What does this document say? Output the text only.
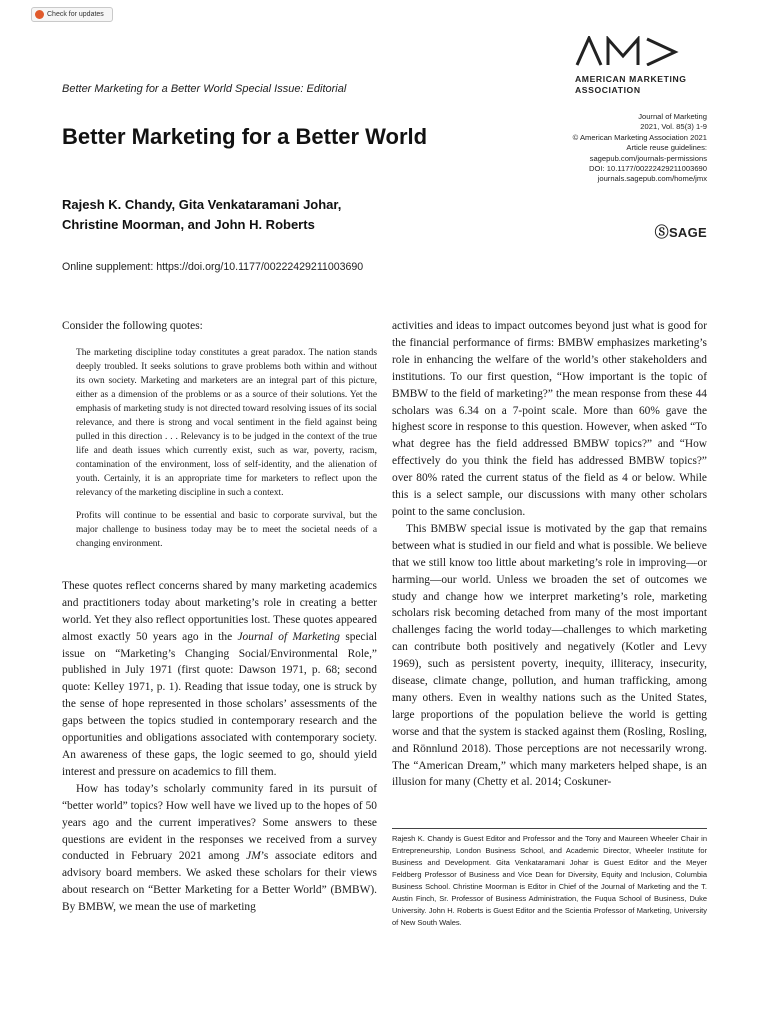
Check for updates
AMERICAN MARKETING
ASSOCIATION
Better Marketing for a Better World Special Issue: Editorial
Better Marketing for a Better World
Journal of Marketing
2021, Vol. 85(3) 1-9
© American Marketing Association 2021
Article reuse guidelines:
sagepub.com/journals-permissions
DOI: 10.1177/00222429211003690
journals.sagepub.com/home/jmx
ⓈSAGE
Rajesh K. Chandy, Gita Venkataramani Johar,
Christine Moorman, and John H. Roberts
Online supplement: https://doi.org/10.1177/00222429211003690

Consider the following quotes:

The marketing discipline today constitutes a great paradox. The nation stands deeply troubled. It seeks solutions to grave problems both within and without its own society. Marketing and marketers are an integral part of this picture, either as a dimension of the problems or as a source of their solutions. Yet the emphasis of marketing study is not directed toward resolving issues of its social relevance, and there is strong and vocal sentiment in the field against being pulled in this direction . . . Relevancy is to be judged in the context of the true life and death issues which currently exist, such as war, poverty, racism, contamination of the environment, loss of self-identity, and the alienation of youth. Certainly, it is an appropriate time for marketers to reflect upon the relevancy of the marketing discipline in such a context.

Profits will continue to be essential and basic to corporate survival, but the major challenge to business today may be to meet the societal needs of a changing environment.

These quotes reflect concerns shared by many marketing academics and practitioners today about marketing’s role in creating a better world. Yet they also reflect opportunities lost. These quotes appeared almost exactly 50 years ago in the Journal of Marketing special issue on “Marketing’s Changing Social/Environmental Role,” published in July 1971 (first quote: Dawson 1971, p. 68; second quote: Kelley 1971, p. 1). Reading that issue today, one is struck by the sense of hope represented in those scholars’ assessments of the gaps between the topics studied in contemporary research and the opportunities and obligations associated with contemporary society. An awareness of these gaps, the logic seemed to go, should yield interest and pressure on academics to fill them.

How has today’s scholarly community fared in its pursuit of “better world” topics? How well have we lived up to the hopes of 50 years ago and the current imperatives? Some answers to these questions are evident in the responses we received from a survey conducted in February 2021 among JM’s associate editors and advisory board members. We asked these scholars for their views about research on “Better Marketing for a Better World” (BMBW). By BMBW, we mean the use of marketing

activities and ideas to impact outcomes beyond just what is good for the financial performance of firms: BMBW emphasizes marketing’s role in enhancing the welfare of the world’s other stakeholders and institutions. To our first question, “How important is the topic of BMBW to the field of marketing?” the mean response from these 44 scholars was 6.34 on a 7-point scale. More than 60% gave the highest score in response to this question. However, when asked “To what degree has the field addressed BMBW topics?” and “How effectively do you think the field has addressed BMBW topics?” over 80% rated the current status of the field as 4 or below. While this is a select sample, our discussions with many other scholars point to the same conclusion.

This BMBW special issue is motivated by the gap that remains between what is studied in our field and what is possible. We believe that we still know too little about marketing’s role in improving—or harming—our world. Unless we broaden the set of outcomes we study and change how we interpret marketing’s role, marketing scholars risk becoming detached from many of the most important challenges facing the world today—challenges to which marketing can contribute both positively and negatively (Kotler and Levy 1969), such as persistent poverty, inequity, illiteracy, insecurity, disease, climate change, pollution, and human trafficking, among many others. Even in wealthy nations such as the United States, large proportions of the population believe the world is getting worse and that the system is stacked against them (Rosling, Rosling, and Rönnlund 2018). Those perceptions are not necessarily wrong. The “American Dream,” which many marketers helped shape, is an illusion for many (Chetty et al. 2014; Coskuner-

Rajesh K. Chandy is Guest Editor and Professor and the Tony and Maureen Wheeler Chair in Entrepreneurship, London Business School, and Academic Director, Wheeler Institute for Business and Development. Gita Venkataramani Johar is Guest Editor and the Meyer Feldberg Professor of Business and Vice Dean for Diversity, Equity and Inclusion, Columbia Business School. Christine Moorman is Editor in Chief of the Journal of Marketing and the T. Austin Finch, Sr. Professor of Business Administration, the Fuqua School of Business, Duke University. John H. Roberts is Guest Editor and the Scientia Professor of Marketing, University of New South Wales.
